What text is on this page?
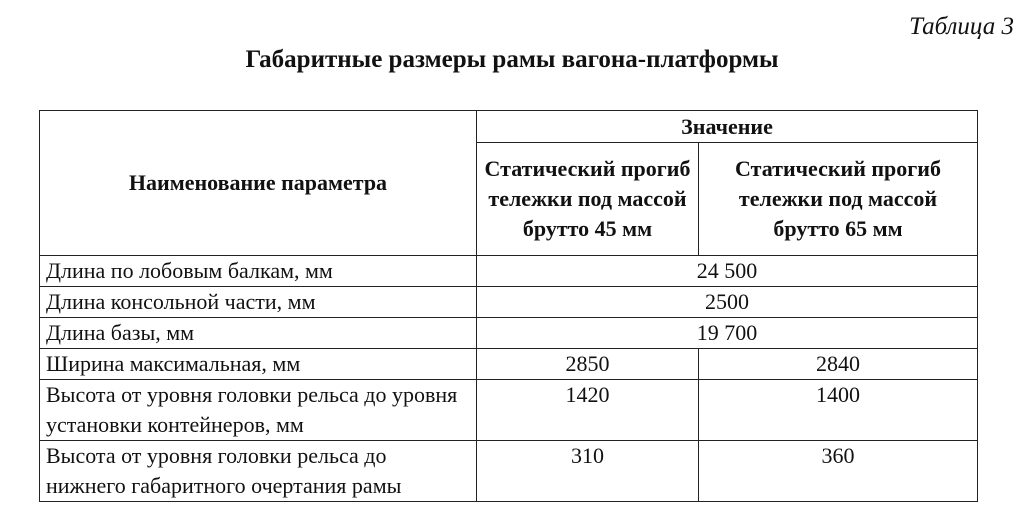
Таблица 3
Габаритные размеры рамы вагона-платформы
Наименование параметра	Значение	
	Статический прогиб тележки под массой брутто 45 мм	Статический прогиб тележки под массой брутто 65 мм
Длина по лобовым балкам, мм	24 500	
Длина консольной части, мм	2500	
Длина базы, мм	19 700	
Ширина максимальная, мм	2850	2840
Высота от уровня головки рельса до уровня установки контейнеров, мм	1420	1400
Высота от уровня головки рельса до нижнего габаритного очертания рамы	310	360
